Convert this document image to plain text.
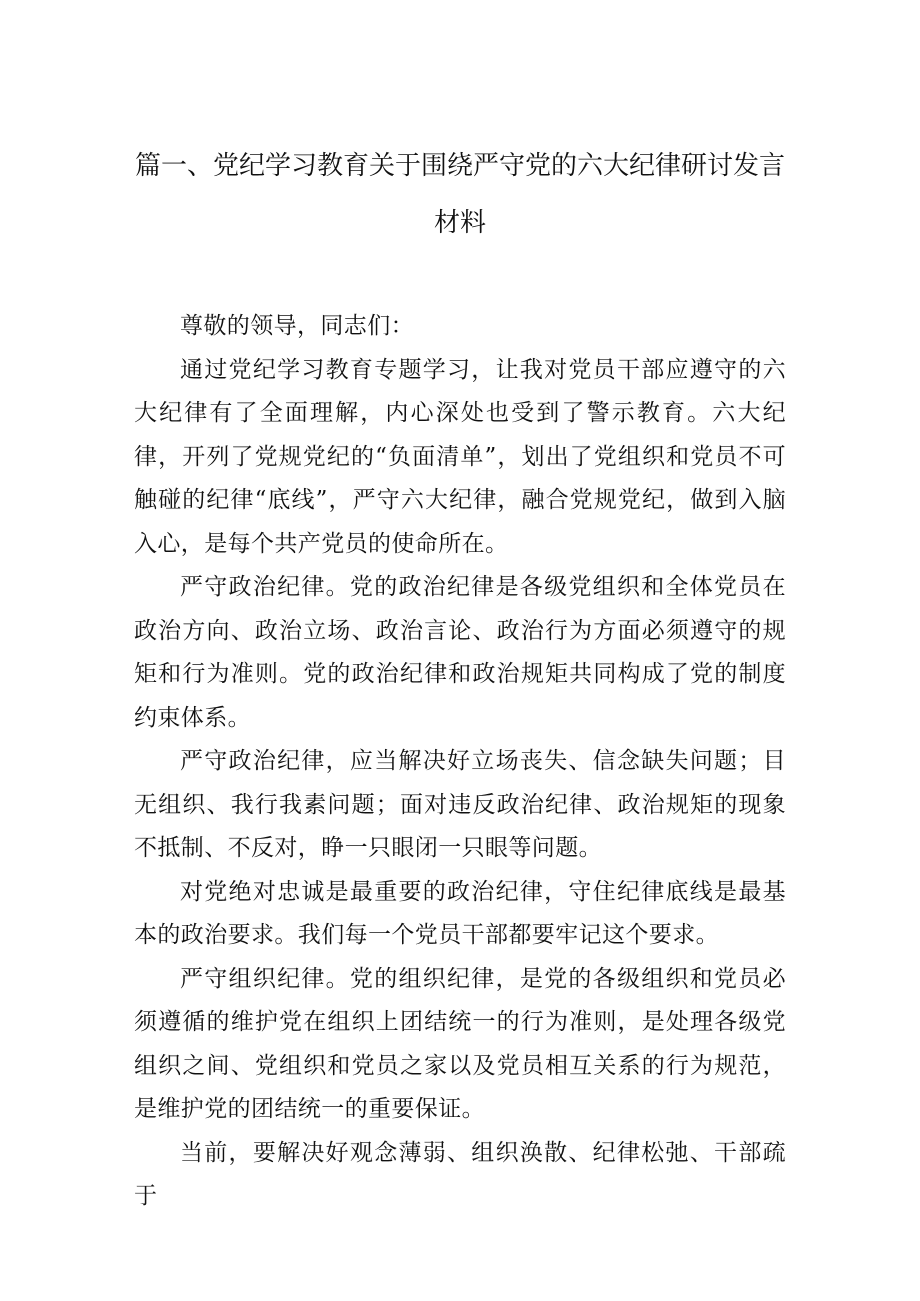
篇一、党纪学习教育关于围绕严守党的六大纪律研讨发言
材料

尊敬的领导，同志们：

通过党纪学习教育专题学习，让我对党员干部应遵守的六大纪律有了全面理解，内心深处也受到了警示教育。六大纪律，开列了党规党纪的“负面清单”，划出了党组织和党员不可触碰的纪律“底线”，严守六大纪律，融合党规党纪，做到入脑入心，是每个共产党员的使命所在。

严守政治纪律。党的政治纪律是各级党组织和全体党员在政治方向、政治立场、政治言论、政治行为方面必须遵守的规矩和行为准则。党的政治纪律和政治规矩共同构成了党的制度约束体系。

严守政治纪律，应当解决好立场丧失、信念缺失问题；目无组织、我行我素问题；面对违反政治纪律、政治规矩的现象不抵制、不反对，睁一只眼闭一只眼等问题。

对党绝对忠诚是最重要的政治纪律，守住纪律底线是最基本的政治要求。我们每一个党员干部都要牢记这个要求。

严守组织纪律。党的组织纪律，是党的各级组织和党员必须遵循的维护党在组织上团结统一的行为准则，是处理各级党组织之间、党组织和党员之家以及党员相互关系的行为规范，是维护党的团结统一的重要保证。

当前，要解决好观念薄弱、组织涣散、纪律松弛、干部疏于
